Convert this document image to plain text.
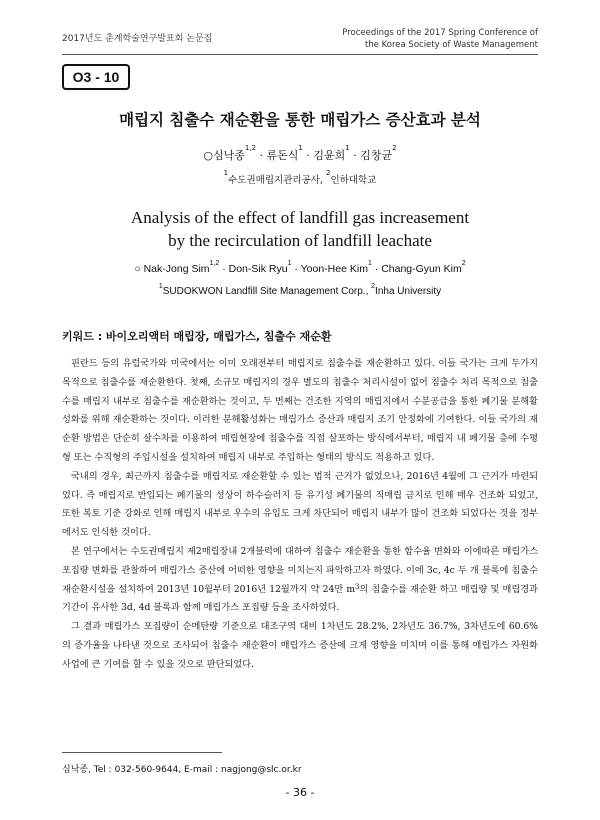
2017년도 춘계학술연구발표회 논문집
Proceedings of the 2017 Spring Conference of
the Korea Society of Waste Management
O3 - 10
매립지 침출수 재순환을 통한 매립가스 증산효과 분석
○심낙종$^{1,2}$ · 류돈식$^1$ · 김윤희$^1$ · 김창균$^2$
$^1$수도권매립지관리공사, $^2$인하대학교
Analysis of the effect of landfill gas increasement
by the recirculation of landfill leachate
○ Nak-Jong Sim$^{1,2}$ · Don-Sik Ryu$^1$ · Yoon-Hee Kim$^1$ · Chang-Gyun Kim$^2$
$^1$SUDOKWON Landfill Site Management Corp., $^2$Inha University
키워드 : 바이오리액터 매립장, 매립가스, 침출수 재순환

핀란드 등의 유럽국가와 미국에서는 이미 오래전부터 매립지로 침출수를 재순환하고 있다. 이들 국가는 크게 두가지 목적으로 침출수를 재순환한다. 첫째, 소규모 매립지의 경우 별도의 침출수 처리시설이 없어 침출수 처리 목적으로 침출수를 매립지 내부로 침출수를 재순환하는 것이고, 두 번째는 건조한 지역의 매립지에서 수분공급을 통한 폐기물 분해활성화를 위해 재순환하는 것이다. 이러한 분해활성화는 매립가스 증산과 매립지 조기 안정화에 기여한다. 이들 국가의 재순환 방법은 단순히 살수차를 이용하여 매립현장에 침출수를 직접 살포하는 방식에서부터, 매립지 내 폐기물 층에 수평형 또는 수직형의 주입시설을 설치하여 매립지 내부로 주입하는 형태의 방식도 적용하고 있다.

국내의 경우, 최근까지 침출수를 매립지로 재순환할 수 있는 법적 근거가 없었으나, 2016년 4월에 그 근거가 마련되었다. 즉 매립지로 반입되는 폐기물의 성상이 하수슬러지 등 유기성 폐기물의 직매립 금지로 인해 매우 건조화 되었고, 또한 복토 기준 강화로 인해 매립지 내부로 우수의 유입도 크게 차단되어 매립지 내부가 많이 건조화 되었다는 것을 정부에서도 인식한 것이다.

본 연구에서는 수도권매립지 제2매립장내 2개블럭에 대하여 침출수 재순환을 통한 함수율 변화와 이에따른 매립가스 포집량 변화를 관찰하여 매립가스 증산에 어떠한 영향을 미치는지 파악하고자 하였다. 이에 3c, 4c 두 개 블록에 침출수 재순환시설을 설치하여 2013년 10월부터 2016년 12월까지 약 24만 $m^3$의 침출수를 재순환 하고 매립량 및 매립경과기간이 유사한 3d, 4d 블록과 함께 매립가스 포집량 등을 조사하였다.

그 결과 매립가스 포집량이 순메탄량 기준으로 대조구역 대비 1차년도 28.2%, 2차년도 36.7%, 3차년도에 60.6%의 증가율을 나타낸 것으로 조사되어 침출수 재순환이 매립가스 증산에 크게 영향을 미치며 이를 통해 매립가스 자원화사업에 큰 기여를 할 수 있을 것으로 판단되었다.

심낙종, Tel : 032-560-9644, E-mail : nagjong@slc.or.kr
- 36 -
